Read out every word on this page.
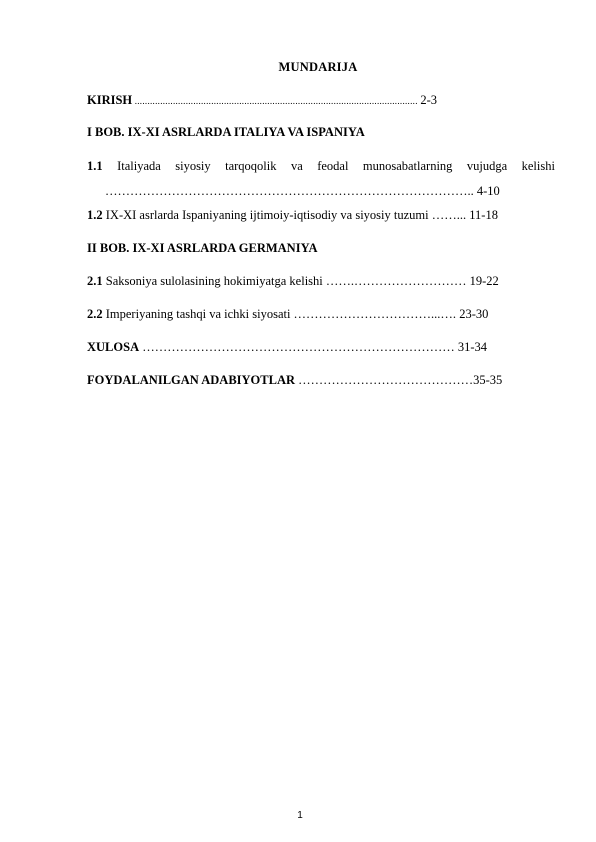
MUNDARIJA
KIRISH ............................................................................................................... 2-3
I BOB. IX-XI ASRLARDA ITALIYA VA ISPANIYA
1.1 Italiyada siyosiy tarqoqolik va feodal munosabatlarning vujudga kelishi
…………………………………………………………………………….. 4-10
1.2 IX-XI asrlarda Ispaniyaning ijtimoiy-iqtisodiy va siyosiy tuzumi ……... 11-18
II BOB. IX-XI ASRLARDA GERMANIYA
2.1 Saksoniya sulolasining hokimiyatga kelishi …….……………………… 19-22
2.2 Imperiyaning tashqi va ichki siyosati ……………………………...…. 23-30
XULOSA ………………………………………………………………… 31-34
FOYDALANILGAN ADABIYOTLAR ……………………………………35-35
1
